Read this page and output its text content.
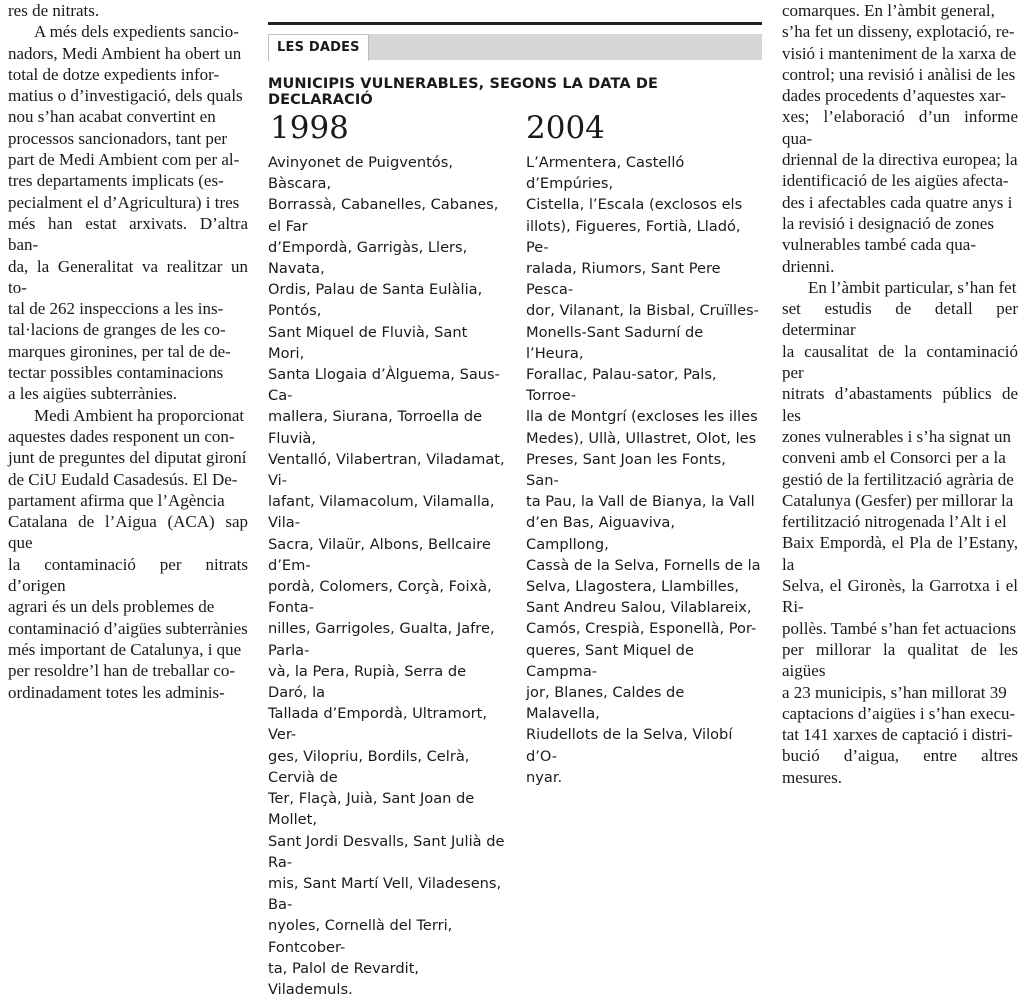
res de nitrats.

A més dels expedients sancio-
nadors, Medi Ambient ha obert un
total de dotze expedients infor-
matius o d’investigació, dels quals
nou s’han acabat convertint en
processos sancionadors, tant per
part de Medi Ambient com per al-
tres departaments implicats (es-
pecialment el d’Agricultura) i tres
més han estat arxivats. D’altra ban-
da, la Generalitat va realitzar un to-
tal de 262 inspeccions a les ins-
tal·lacions de granges de les co-
marques gironines, per tal de de-
tectar possibles contaminacions
a les aigües subterrànies.

Medi Ambient ha proporcionat
aquestes dades responent un con-
junt de preguntes del diputat gironí
de CiU Eudald Casadesús. El De-
partament afirma que l’Agència
Catalana de l’Aigua (ACA) sap que
la contaminació per nitrats d’origen
agrari és un dels problemes de
contaminació d’aigües subterrànies
més important de Catalunya, i que
per resoldre’l han de treballar co-
ordinadament totes les adminis-

LES DADES
MUNICIPIS VULNERABLES, SEGONS LA DATA DE DECLARACIÓ
1998
Avinyonet de Puigventós, Bàscara,
Borrassà, Cabanelles, Cabanes, el Far
d’Empordà, Garrigàs, Llers, Navata,
Ordis, Palau de Santa Eulàlia, Pontós,
Sant Miquel de Fluvià, Sant Mori,
Santa Llogaia d’Àlguema, Saus-Ca-
mallera, Siurana, Torroella de Fluvià,
Ventalló, Vilabertran, Viladamat, Vi-
lafant, Vilamacolum, Vilamalla, Vila-
Sacra, Vilaür, Albons, Bellcaire d’Em-
pordà, Colomers, Corçà, Foixà, Fonta-
nilles, Garrigoles, Gualta, Jafre, Parla-
và, la Pera, Rupià, Serra de Daró, la
Tallada d’Empordà, Ultramort, Ver-
ges, Vilopriu, Bordils, Celrà, Cervià de
Ter, Flaçà, Juià, Sant Joan de Mollet,
Sant Jordi Desvalls, Sant Julià de Ra-
mis, Sant Martí Vell, Viladesens, Ba-
nyoles, Cornellà del Terri, Fontcober-
ta, Palol de Revardit, Vilademuls.
2004
L’Armentera, Castelló d’Empúries,
Cistella, l’Escala (exclosos els
illots), Figueres, Fortià, Lladó, Pe-
ralada, Riumors, Sant Pere Pesca-
dor, Vilanant, la Bisbal, Cruïlles-
Monells-Sant Sadurní de l’Heura,
Forallac, Palau-sator, Pals, Torroe-
lla de Montgrí (excloses les illes
Medes), Ullà, Ullastret, Olot, les
Preses, Sant Joan les Fonts, San-
ta Pau, la Vall de Bianya, la Vall
d’en Bas, Aiguaviva, Campllong,
Cassà de la Selva, Fornells de la
Selva, Llagostera, Llambilles,
Sant Andreu Salou, Vilablareix,
Camós, Crespià, Esponellà, Por-
queres, Sant Miquel de Campma-
jor, Blanes, Caldes de Malavella,
Riudellots de la Selva, Vilobí d’O-
nyar.

comarques. En l’àmbit general,
s’ha fet un disseny, explotació, re-
visió i manteniment de la xarxa de
control; una revisió i anàlisi de les
dades procedents d’aquestes xar-
xes; l’elaboració d’un informe qua-
driennal de la directiva europea; la
identificació de les aigües afecta-
des i afectables cada quatre anys i
la revisió i designació de zones
vulnerables també cada qua-
drienni.

En l’àmbit particular, s’han fet
set estudis de detall per determinar
la causalitat de la contaminació per
nitrats d’abastaments públics de les
zones vulnerables i s’ha signat un
conveni amb el Consorci per a la
gestió de la fertilització agrària de
Catalunya (Gesfer) per millorar la
fertilització nitrogenada l’Alt i el
Baix Empordà, el Pla de l’Estany, la
Selva, el Gironès, la Garrotxa i el Ri-
pollès. També s’han fet actuacions
per millorar la qualitat de les aigües
a 23 municipis, s’han millorat 39
captacions d’aigües i s’han execu-
tat 141 xarxes de captació i distri-
bució d’aigua, entre altres mesures.
